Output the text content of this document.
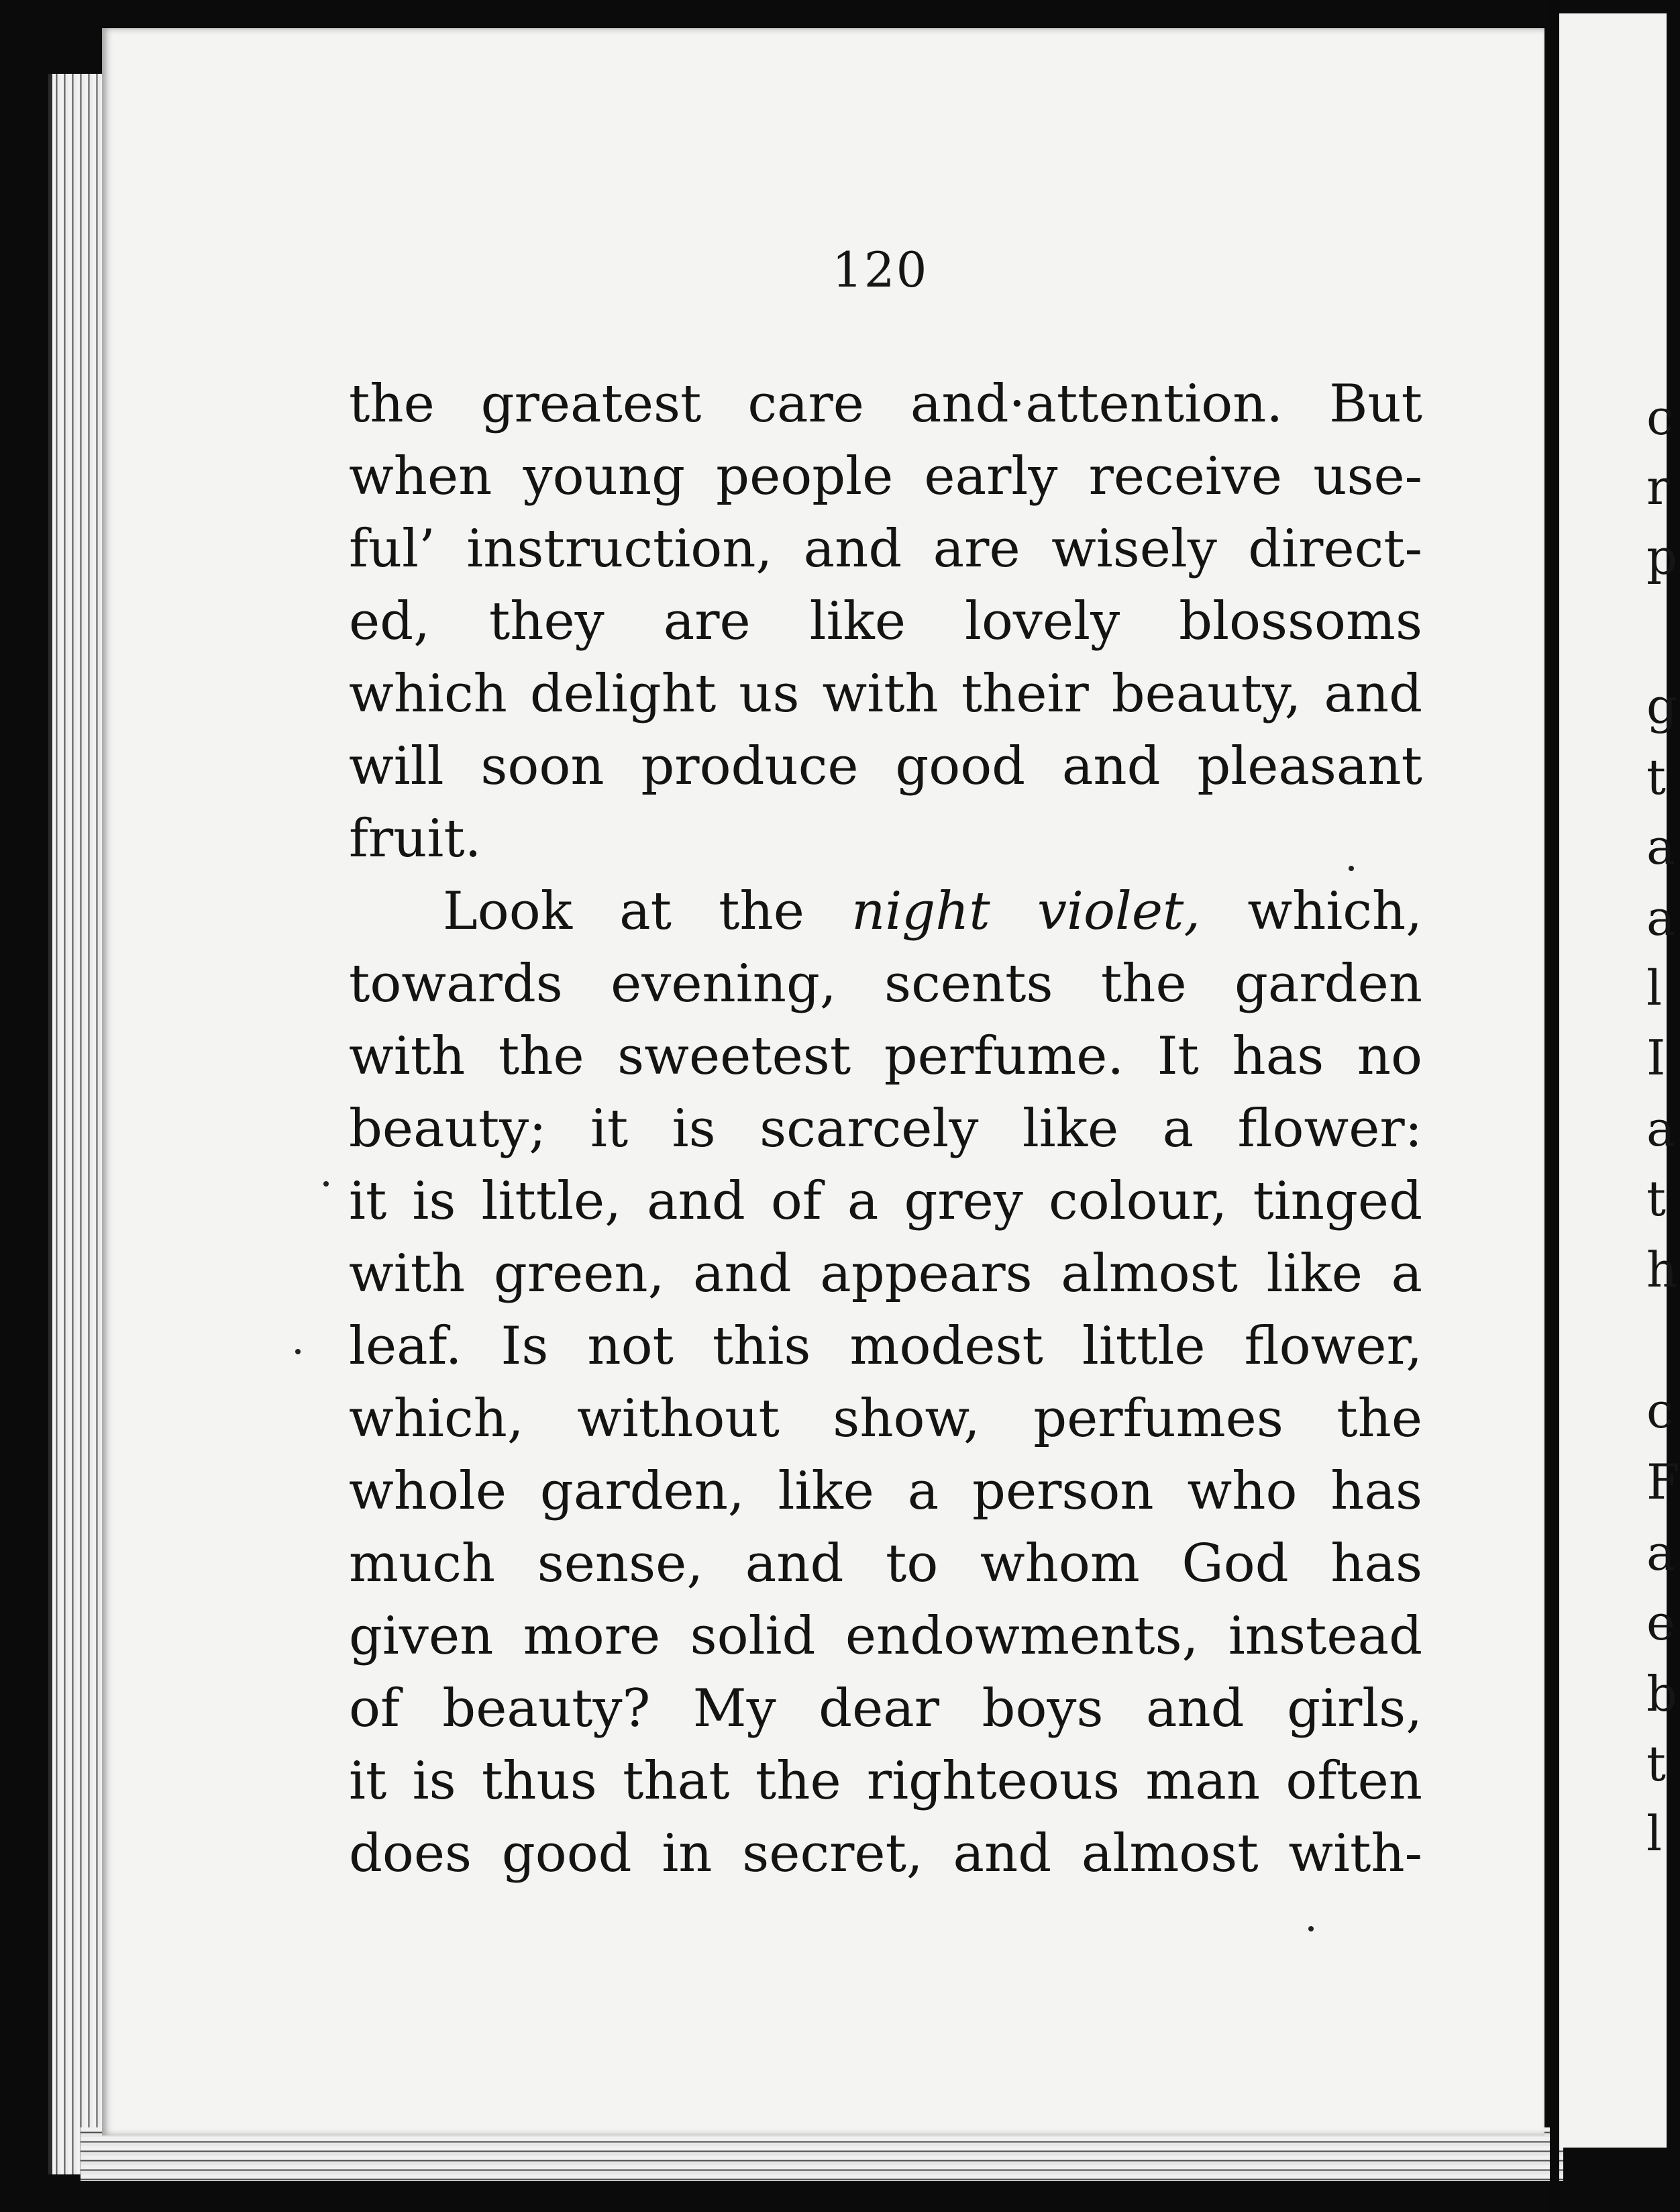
120
the greatest care and·attention. But
when young people early receive use-
ful’ instruction, and are wisely direct-
ed, they are like lovely blossoms
which delight us with their beauty, and
will soon produce good and pleasant
fruit.
Look at the night violet, which,
towards evening, scents the garden
with the sweetest perfume. It has no
beauty; it is scarcely like a flower:
it is little, and of a grey colour, tinged
with green, and appears almost like a
leaf. Is not this modest little flower,
which, without show, perfumes the
whole garden, like a person who has
much sense, and to whom God has
given more solid endowments, instead
of beauty? My dear boys and girls,
it is thus that the righteous man often
does good in secret, and almost with-
c
r
p
g
t
a
a
l
I
a
t
h
c
F
a
e
b
t
l
